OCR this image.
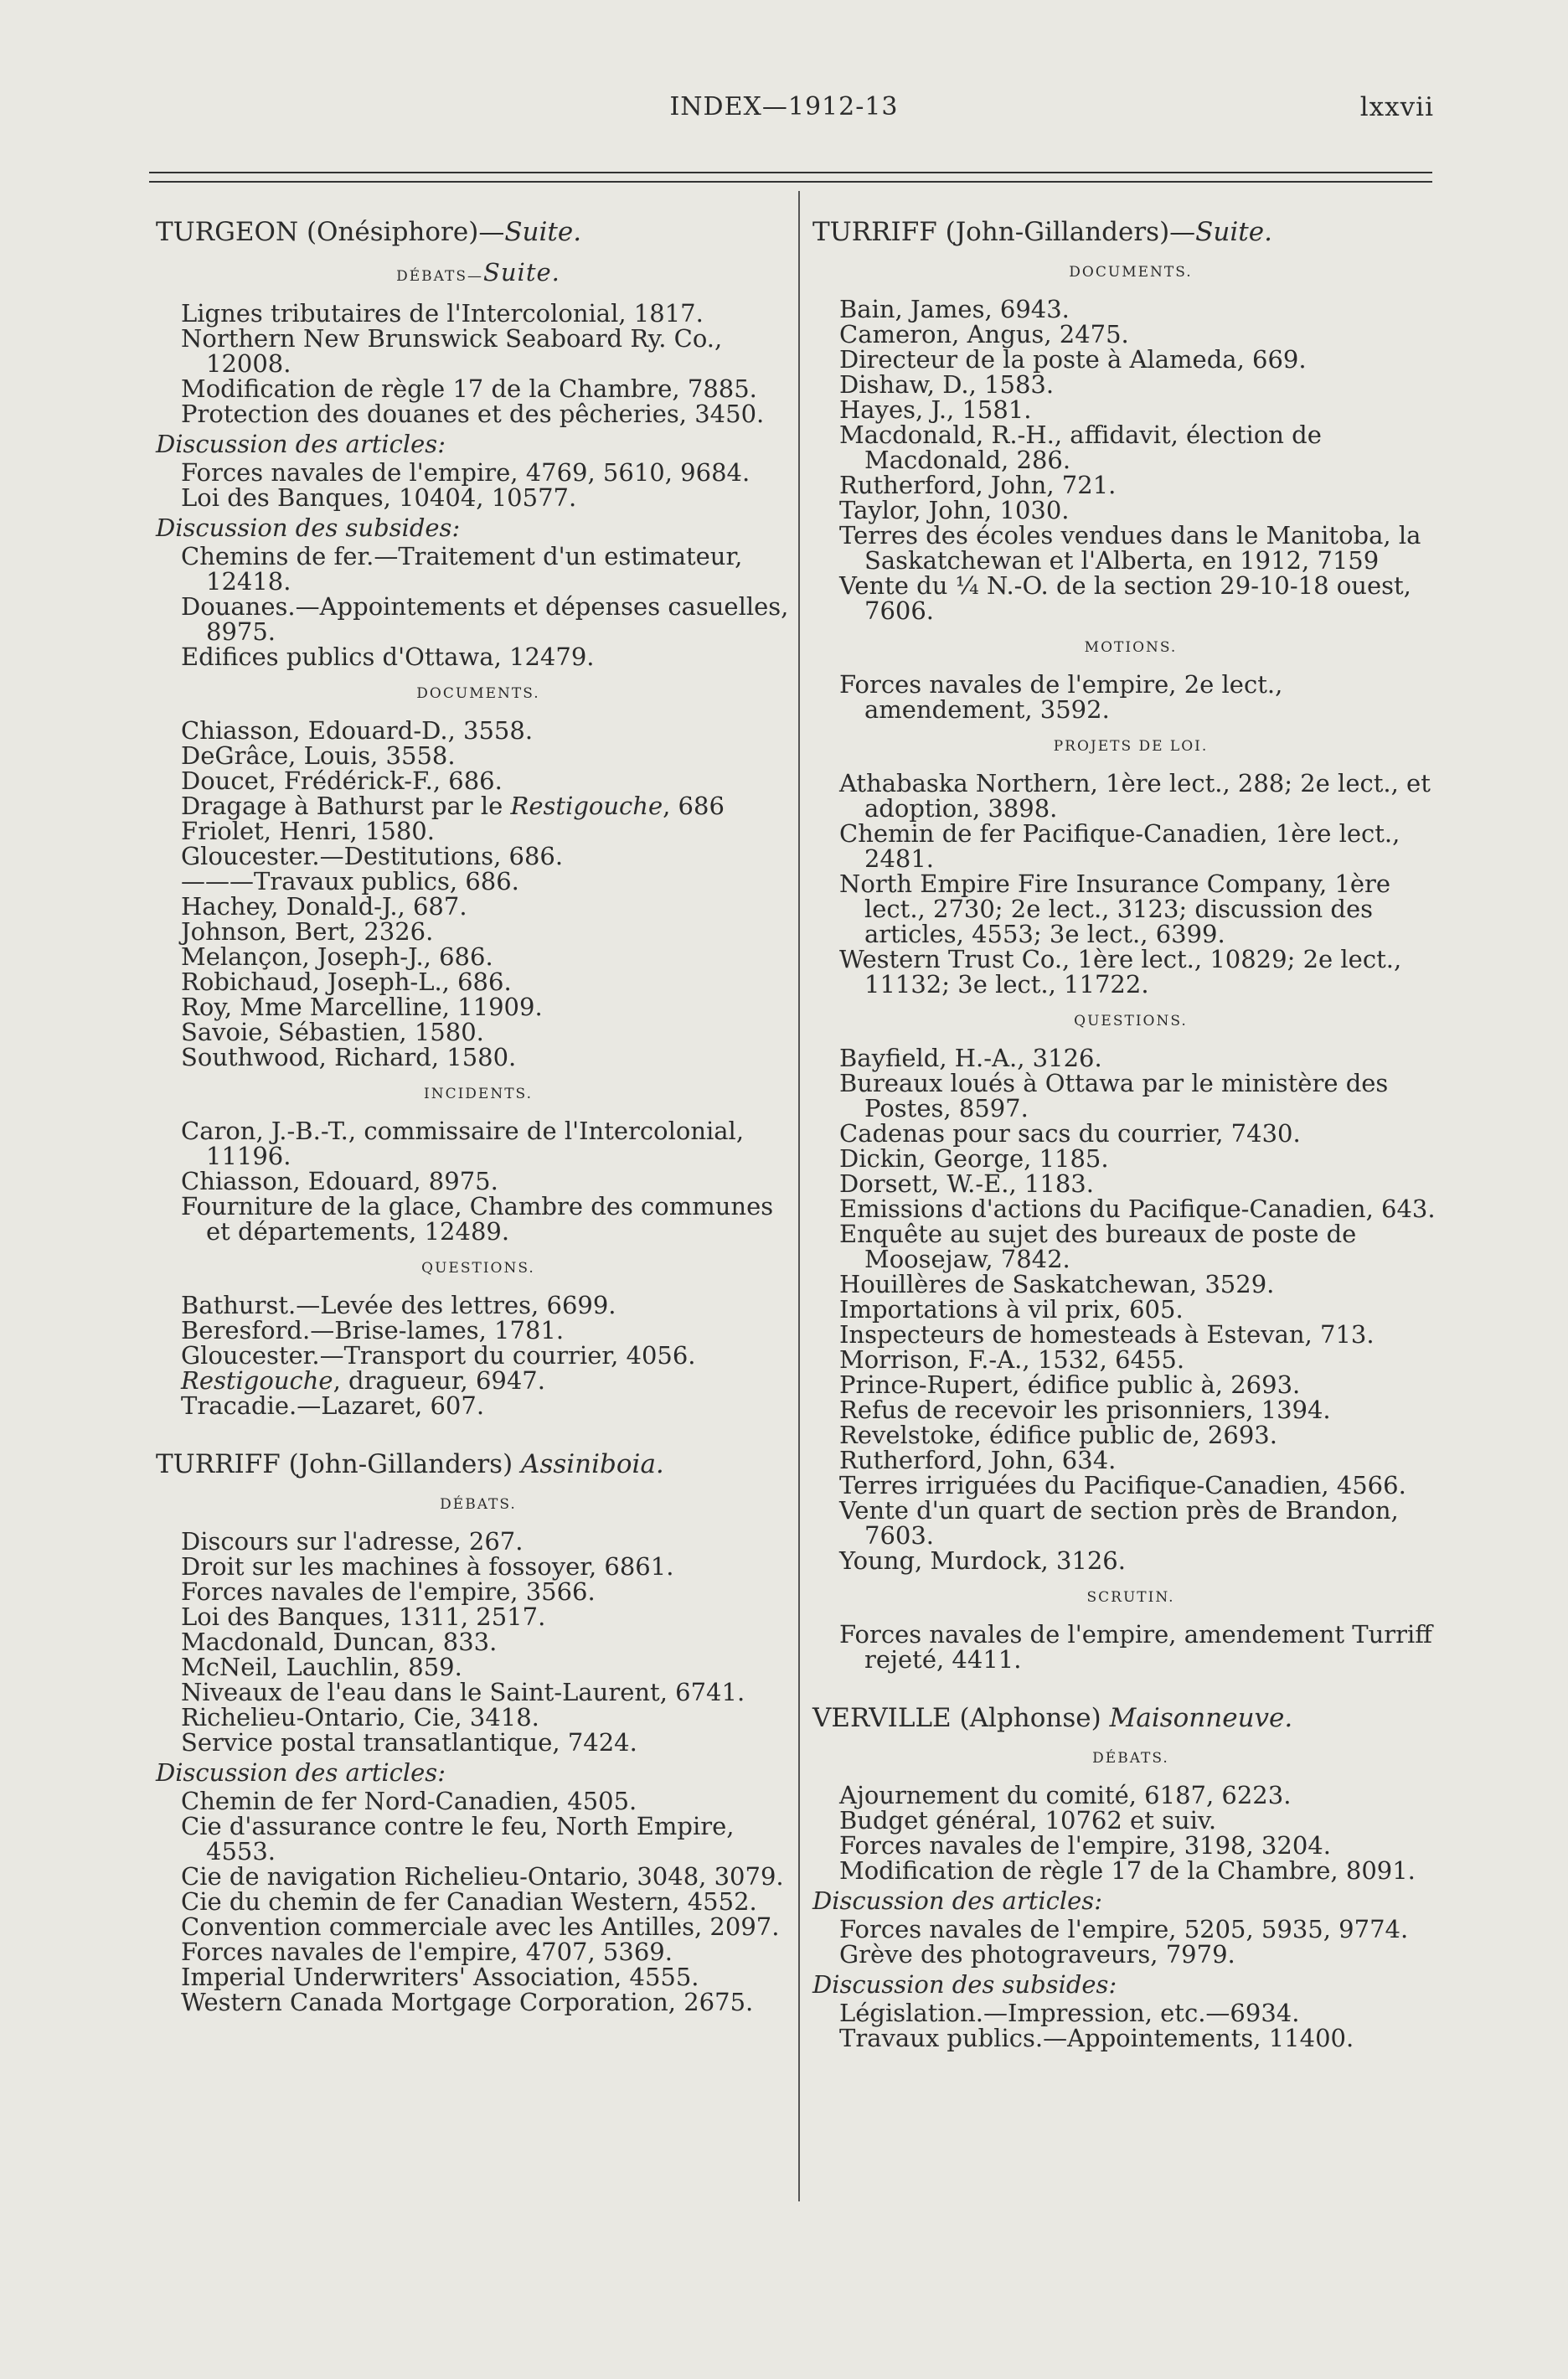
INDEX—1912-13	lxxvii
TURGEON (Onésiphore)—Suite.
DÉBATS—Suite.
Lignes tributaires de l'Intercolonial, 1817.
Northern New Brunswick Seaboard Ry. Co., 12008.
Modification de règle 17 de la Chambre, 7885.
Protection des douanes et des pêcheries, 3450.
Discussion des articles:
Forces navales de l'empire, 4769, 5610, 9684.
Loi des Banques, 10404, 10577.
Discussion des subsides:
Chemins de fer.—Traitement d'un estimateur, 12418.
Douanes.—Appointements et dépenses casuelles, 8975.
Edifices publics d'Ottawa, 12479.
DOCUMENTS.
Chiasson, Edouard-D., 3558.
DeGrâce, Louis, 3558.
Doucet, Frédérick-F., 686.
Dragage à Bathurst par le Restigouche, 686
Friolet, Henri, 1580.
Gloucester.—Destitutions, 686.
———Travaux publics, 686.
Hachey, Donald-J., 687.
Johnson, Bert, 2326.
Melançon, Joseph-J., 686.
Robichaud, Joseph-L., 686.
Roy, Mme Marcelline, 11909.
Savoie, Sébastien, 1580.
Southwood, Richard, 1580.
INCIDENTS.
Caron, J.-B.-T., commissaire de l'Intercolonial, 11196.
Chiasson, Edouard, 8975.
Fourniture de la glace, Chambre des communes et départements, 12489.
QUESTIONS.
Bathurst.—Levée des lettres, 6699.
Beresford.—Brise-lames, 1781.
Gloucester.—Transport du courrier, 4056.
Restigouche, dragueur, 6947.
Tracadie.—Lazaret, 607.
TURRIFF (John-Gillanders) Assiniboia.
DÉBATS.
Discours sur l'adresse, 267.
Droit sur les machines à fossoyer, 6861.
Forces navales de l'empire, 3566.
Loi des Banques, 1311, 2517.
Macdonald, Duncan, 833.
McNeil, Lauchlin, 859.
Niveaux de l'eau dans le Saint-Laurent, 6741.
Richelieu-Ontario, Cie, 3418.
Service postal transatlantique, 7424.
Discussion des articles:
Chemin de fer Nord-Canadien, 4505.
Cie d'assurance contre le feu, North Empire, 4553.
Cie de navigation Richelieu-Ontario, 3048, 3079.
Cie du chemin de fer Canadian Western, 4552.
Convention commerciale avec les Antilles, 2097.
Forces navales de l'empire, 4707, 5369.
Imperial Underwriters' Association, 4555.
Western Canada Mortgage Corporation, 2675.
TURRIFF (John-Gillanders)—Suite.
DOCUMENTS.
Bain, James, 6943.
Cameron, Angus, 2475.
Directeur de la poste à Alameda, 669.
Dishaw, D., 1583.
Hayes, J., 1581.
Macdonald, R.-H., affidavit, élection de Macdonald, 286.
Rutherford, John, 721.
Taylor, John, 1030.
Terres des écoles vendues dans le Manitoba, la Saskatchewan et l'Alberta, en 1912, 7159
Vente du ¼ N.-O. de la section 29-10-18 ouest, 7606.
MOTIONS.
Forces navales de l'empire, 2e lect., amendement, 3592.
PROJETS DE LOI.
Athabaska Northern, 1ère lect., 288; 2e lect., et adoption, 3898.
Chemin de fer Pacifique-Canadien, 1ère lect., 2481.
North Empire Fire Insurance Company, 1ère lect., 2730; 2e lect., 3123; discussion des articles, 4553; 3e lect., 6399.
Western Trust Co., 1ère lect., 10829; 2e lect., 11132; 3e lect., 11722.
QUESTIONS.
Bayfield, H.-A., 3126.
Bureaux loués à Ottawa par le ministère des Postes, 8597.
Cadenas pour sacs du courrier, 7430.
Dickin, George, 1185.
Dorsett, W.-E., 1183.
Emissions d'actions du Pacifique-Canadien, 643.
Enquête au sujet des bureaux de poste de Moosejaw, 7842.
Houillères de Saskatchewan, 3529.
Importations à vil prix, 605.
Inspecteurs de homesteads à Estevan, 713.
Morrison, F.-A., 1532, 6455.
Prince-Rupert, édifice public à, 2693.
Refus de recevoir les prisonniers, 1394.
Revelstoke, édifice public de, 2693.
Rutherford, John, 634.
Terres irriguées du Pacifique-Canadien, 4566.
Vente d'un quart de section près de Brandon, 7603.
Young, Murdock, 3126.
SCRUTIN.
Forces navales de l'empire, amendement Turriff rejeté, 4411.
VERVILLE (Alphonse) Maisonneuve.
DÉBATS.
Ajournement du comité, 6187, 6223.
Budget général, 10762 et suiv.
Forces navales de l'empire, 3198, 3204.
Modification de règle 17 de la Chambre, 8091.
Discussion des articles:
Forces navales de l'empire, 5205, 5935, 9774.
Grève des photograveurs, 7979.
Discussion des subsides:
Législation.—Impression, etc.—6934.
Travaux publics.—Appointements, 11400.
